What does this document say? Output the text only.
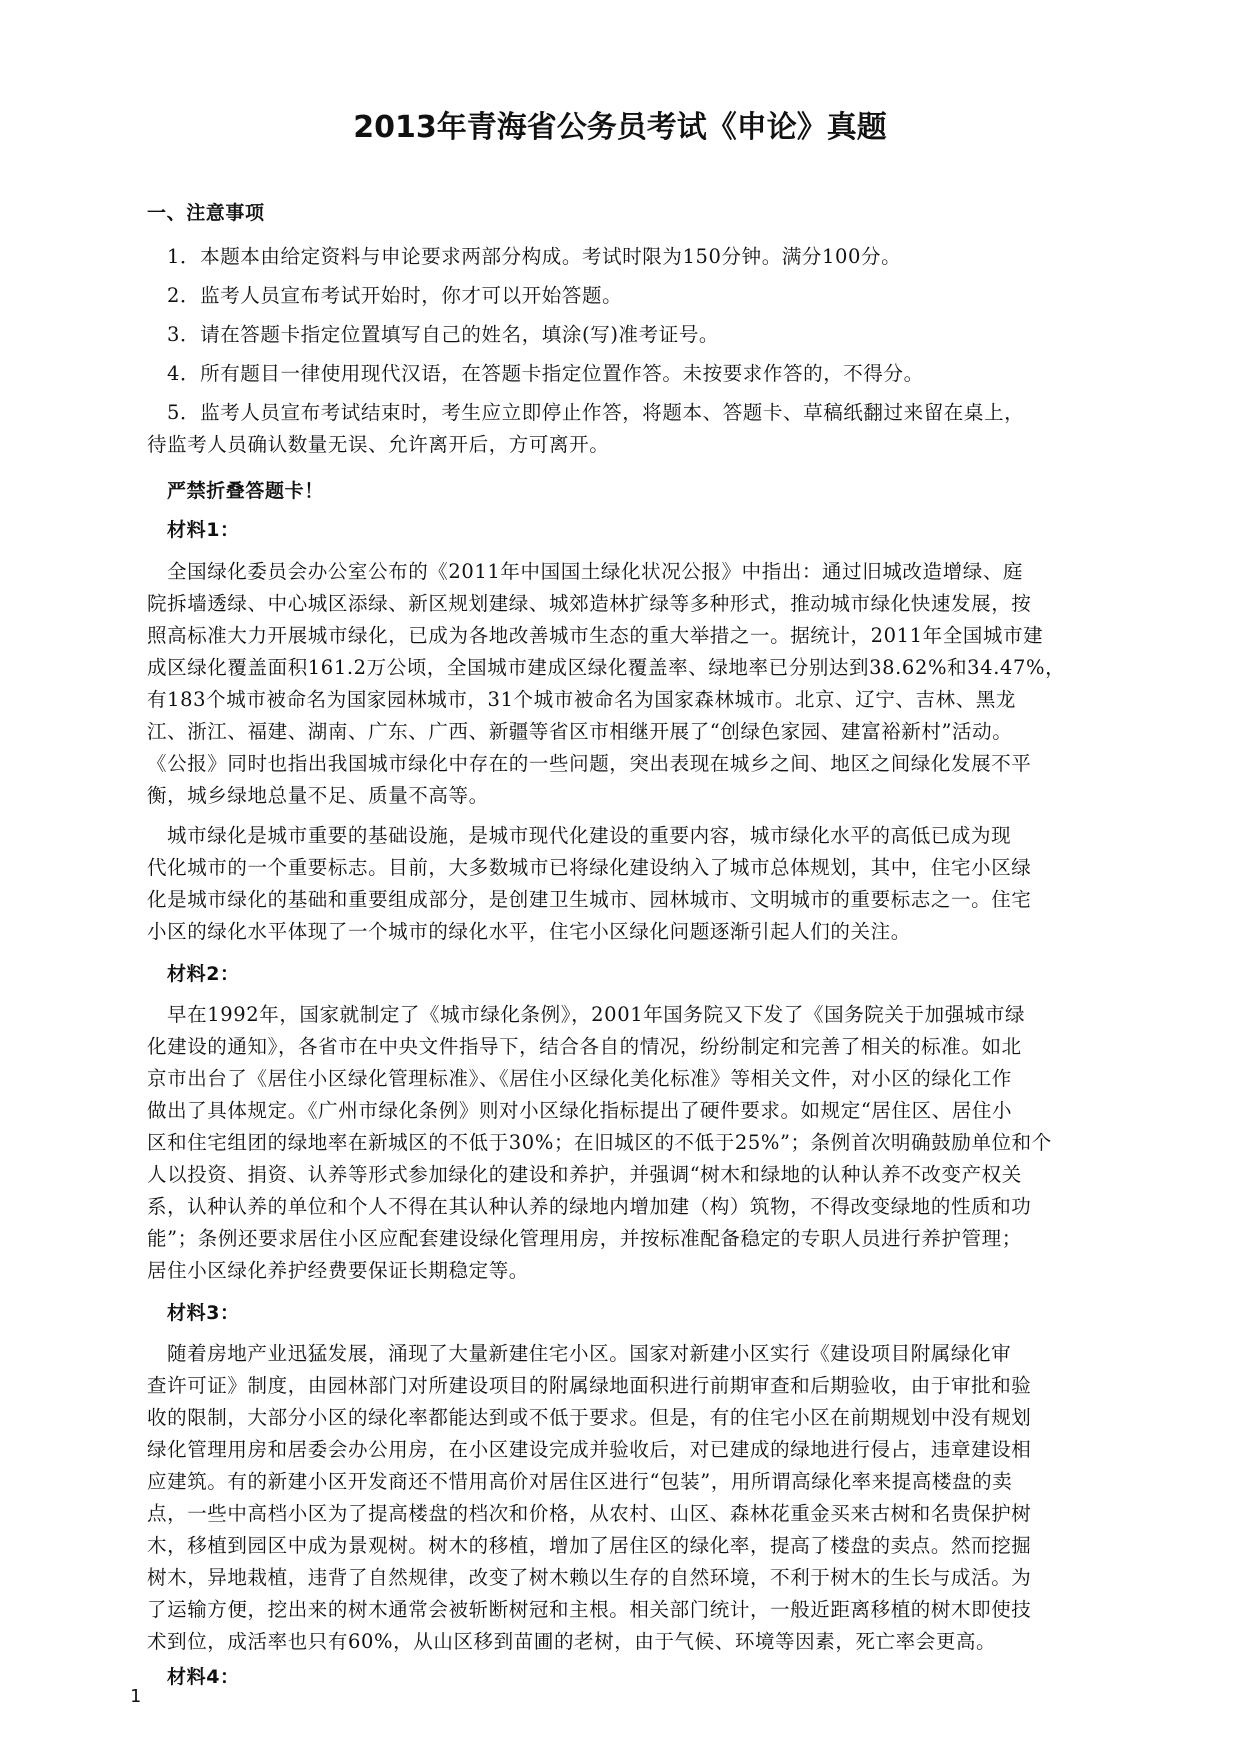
2013年青海省公务员考试《申论》真题
一、注意事项
1．本题本由给定资料与申论要求两部分构成。考试时限为150分钟。满分100分。
2．监考人员宣布考试开始时，你才可以开始答题。
3．请在答题卡指定位置填写自己的姓名，填涂(写)准考证号。
4．所有题目一律使用现代汉语，在答题卡指定位置作答。未按要求作答的，不得分。
5．监考人员宣布考试结束时，考生应立即停止作答，将题本、答题卡、草稿纸翻过来留在桌上，
待监考人员确认数量无误、允许离开后，方可离开。
严禁折叠答题卡！
材料1：
全国绿化委员会办公室公布的《2011年中国国土绿化状况公报》中指出：通过旧城改造增绿、庭
院拆墙透绿、中心城区添绿、新区规划建绿、城郊造林扩绿等多种形式，推动城市绿化快速发展，按
照高标准大力开展城市绿化，已成为各地改善城市生态的重大举措之一。据统计，2011年全国城市建
成区绿化覆盖面积161.2万公顷，全国城市建成区绿化覆盖率、绿地率已分别达到38.62%和34.47%，
有183个城市被命名为国家园林城市，31个城市被命名为国家森林城市。北京、辽宁、吉林、黑龙
江、浙江、福建、湖南、广东、广西、新疆等省区市相继开展了“创绿色家园、建富裕新村”活动。
《公报》同时也指出我国城市绿化中存在的一些问题，突出表现在城乡之间、地区之间绿化发展不平
衡，城乡绿地总量不足、质量不高等。
城市绿化是城市重要的基础设施，是城市现代化建设的重要内容，城市绿化水平的高低已成为现
代化城市的一个重要标志。目前，大多数城市已将绿化建设纳入了城市总体规划，其中，住宅小区绿
化是城市绿化的基础和重要组成部分，是创建卫生城市、园林城市、文明城市的重要标志之一。住宅
小区的绿化水平体现了一个城市的绿化水平，住宅小区绿化问题逐渐引起人们的关注。
材料2：
早在1992年，国家就制定了《城市绿化条例》，2001年国务院又下发了《国务院关于加强城市绿
化建设的通知》，各省市在中央文件指导下，结合各自的情况，纷纷制定和完善了相关的标准。如北
京市出台了《居住小区绿化管理标准》、《居住小区绿化美化标准》等相关文件，对小区的绿化工作
做出了具体规定。《广州市绿化条例》则对小区绿化指标提出了硬件要求。如规定“居住区、居住小
区和住宅组团的绿地率在新城区的不低于30%；在旧城区的不低于25%”；条例首次明确鼓励单位和个
人以投资、捐资、认养等形式参加绿化的建设和养护，并强调“树木和绿地的认种认养不改变产权关
系，认种认养的单位和个人不得在其认种认养的绿地内增加建（构）筑物，不得改变绿地的性质和功
能”；条例还要求居住小区应配套建设绿化管理用房，并按标准配备稳定的专职人员进行养护管理；
居住小区绿化养护经费要保证长期稳定等。
材料3：
随着房地产业迅猛发展，涌现了大量新建住宅小区。国家对新建小区实行《建设项目附属绿化审
查许可证》制度，由园林部门对所建设项目的附属绿地面积进行前期审查和后期验收，由于审批和验
收的限制，大部分小区的绿化率都能达到或不低于要求。但是，有的住宅小区在前期规划中没有规划
绿化管理用房和居委会办公用房，在小区建设完成并验收后，对已建成的绿地进行侵占，违章建设相
应建筑。有的新建小区开发商还不惜用高价对居住区进行“包装”，用所谓高绿化率来提高楼盘的卖
点，一些中高档小区为了提高楼盘的档次和价格，从农村、山区、森林花重金买来古树和名贵保护树
木，移植到园区中成为景观树。树木的移植，增加了居住区的绿化率，提高了楼盘的卖点。然而挖掘
树木，异地栽植，违背了自然规律，改变了树木赖以生存的自然环境，不利于树木的生长与成活。为
了运输方便，挖出来的树木通常会被斩断树冠和主根。相关部门统计，一般近距离移植的树木即使技
术到位，成活率也只有60%，从山区移到苗圃的老树，由于气候、环境等因素，死亡率会更高。
材料4：
1
